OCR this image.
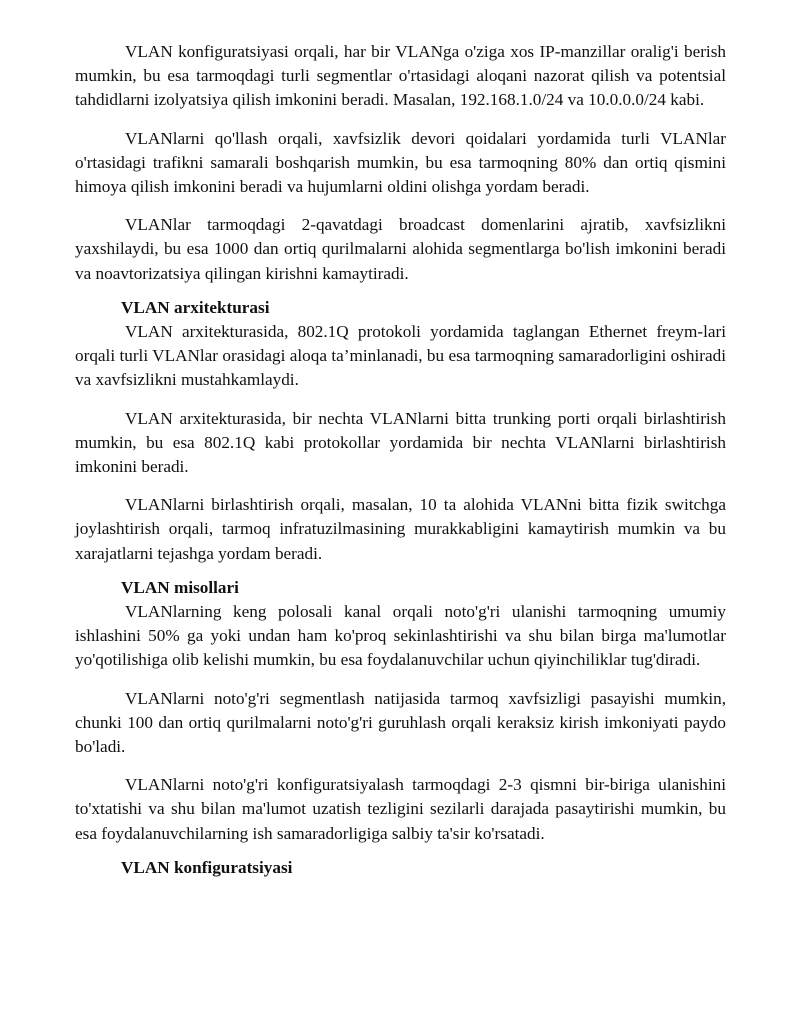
VLAN konfiguratsiyasi orqali, har bir VLANga o'ziga xos IP-manzillar oralig'i berish mumkin, bu esa tarmoqdagi turli segmentlar o'rtasidagi aloqani nazorat qilish va potentsial tahdidlarni izolyatsiya qilish imkonini beradi. Masalan, 192.168.1.0/24 va 10.0.0.0/24 kabi.

VLANlarni qo'llash orqali, xavfsizlik devori qoidalari yordamida turli VLANlar o'rtasidagi trafikni samarali boshqarish mumkin, bu esa tarmoqning 80% dan ortiq qismini himoya qilish imkonini beradi va hujumlarni oldini olishga yordam beradi.

VLANlar tarmoqdagi 2-qavatdagi broadcast domenlarini ajratib, xavfsizlikni yaxshilaydi, bu esa 1000 dan ortiq qurilmalarni alohida segmentlarga bo'lish imkonini beradi va noavtorizatsiya qilingan kirishni kamaytiradi.

VLAN arxitekturasi

VLAN arxitekturasida, 802.1Q protokoli yordamida taglangan Ethernet freym-lari orqali turli VLANlar orasidagi aloqa ta’minlanadi, bu esa tarmoqning samaradorligini oshiradi va xavfsizlikni mustahkamlaydi.

VLAN arxitekturasida, bir nechta VLANlarni bitta trunking porti orqali birlashtirish mumkin, bu esa 802.1Q kabi protokollar yordamida bir nechta VLANlarni birlashtirish imkonini beradi.

VLANlarni birlashtirish orqali, masalan, 10 ta alohida VLANni bitta fizik switchga joylashtirish orqali, tarmoq infratuzilmasining murakkabligini kamaytirish mumkin va bu xarajatlarni tejashga yordam beradi.

VLAN misollari

VLANlarning keng polosali kanal orqali noto'g'ri ulanishi tarmoqning umumiy ishlashini 50% ga yoki undan ham ko'proq sekinlashtirishi va shu bilan birga ma'lumotlar yo'qotilishiga olib kelishi mumkin, bu esa foydalanuvchilar uchun qiyinchiliklar tug'diradi.

VLANlarni noto'g'ri segmentlash natijasida tarmoq xavfsizligi pasayishi mumkin, chunki 100 dan ortiq qurilmalarni noto'g'ri guruhlash orqali keraksiz kirish imkoniyati paydo bo'ladi.

VLANlarni noto'g'ri konfiguratsiyalash tarmoqdagi 2-3 qismni bir-biriga ulanishini to'xtatishi va shu bilan ma'lumot uzatish tezligini sezilarli darajada pasaytirishi mumkin, bu esa foydalanuvchilarning ish samaradorligiga salbiy ta'sir ko'rsatadi.

VLAN konfiguratsiyasi
